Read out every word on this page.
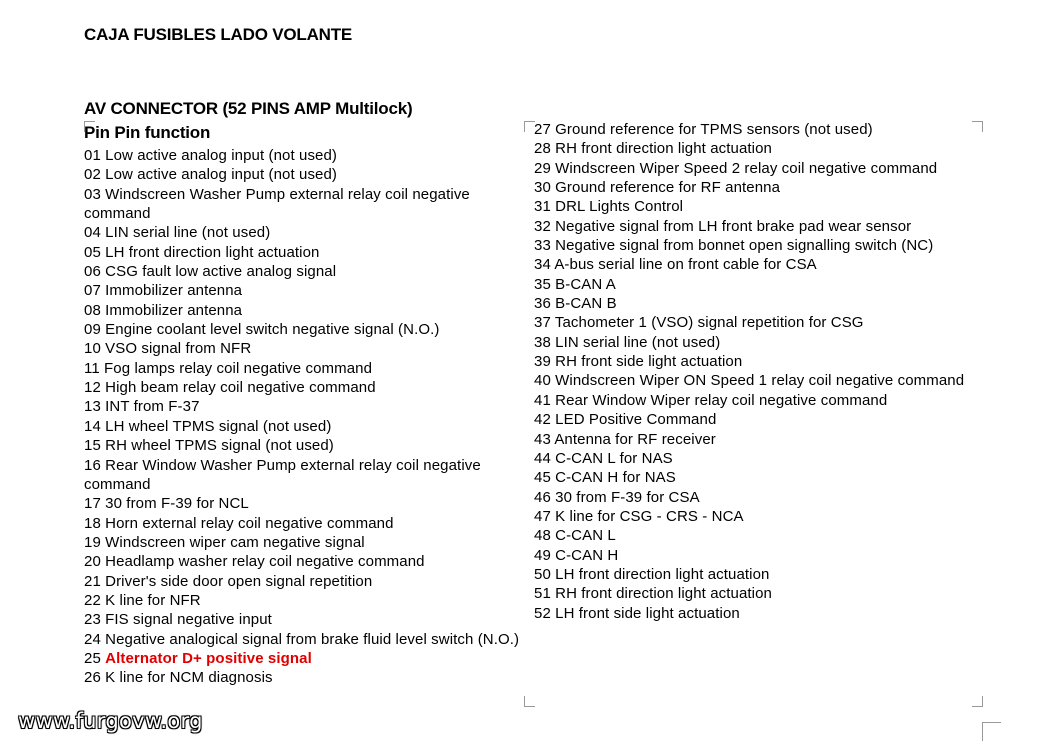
CAJA FUSIBLES LADO VOLANTE
AV CONNECTOR (52 PINS AMP Multilock)
Pin Pin function
01 Low active analog input (not used)
02 Low active analog input (not used)
03 Windscreen Washer Pump external relay coil negative command
04 LIN serial line (not used)
05 LH front direction light actuation
06 CSG fault low active analog signal
07 Immobilizer antenna
08 Immobilizer antenna
09 Engine coolant level switch negative signal (N.O.)
10 VSO signal from NFR
11 Fog lamps relay coil negative command
12 High beam relay coil negative command
13 INT from F-37
14 LH wheel TPMS signal (not used)
15 RH wheel TPMS signal (not used)
16 Rear Window Washer Pump external relay coil negative command
17 30 from F-39 for NCL
18 Horn external relay coil negative command
19 Windscreen wiper cam negative signal
20 Headlamp washer relay coil negative command
21 Driver's side door open signal repetition
22 K line for NFR
23 FIS signal negative input
24 Negative analogical signal from brake fluid level switch (N.O.)
25 Alternator D+ positive signal
26 K line for NCM diagnosis
27 Ground reference for TPMS sensors (not used)
28 RH front direction light actuation
29 Windscreen Wiper Speed 2 relay coil negative command
30 Ground reference for RF antenna
31 DRL Lights Control
32 Negative signal from LH front brake pad wear sensor
33 Negative signal from bonnet open signalling switch (NC)
34 A-bus serial line on front cable for CSA
35 B-CAN A
36 B-CAN B
37 Tachometer 1 (VSO) signal repetition for CSG
38 LIN serial line (not used)
39 RH front side light actuation
40 Windscreen Wiper ON Speed 1 relay coil negative command
41 Rear Window Wiper relay coil negative command
42 LED Positive Command
43 Antenna for RF receiver
44 C-CAN L for NAS
45 C-CAN H for NAS
46 30 from F-39 for CSA
47 K line for CSG - CRS - NCA
48 C-CAN L
49 C-CAN H
50 LH front direction light actuation
51 RH front direction light actuation
52 LH front side light actuation
www.furgovw.org
